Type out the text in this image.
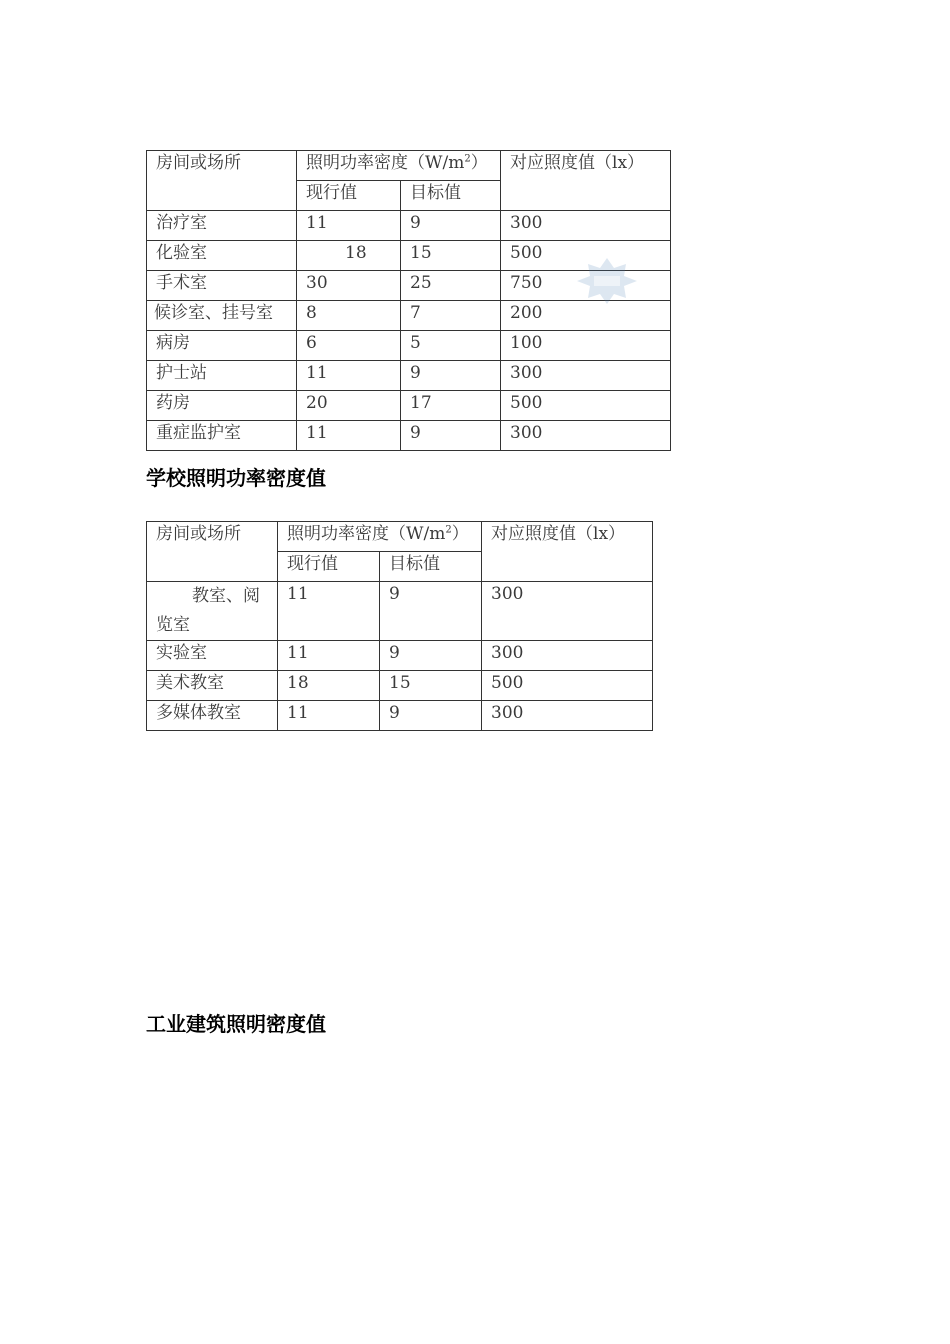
房间或场所	照明功率密度$(W/m^2)$		对应照度值（lx）
	现行值	目标值	
治疗室	11	9	300
化验室	18	15	500
手术室	30	25	750
候诊室、挂号室	8	7	200
病房	6	5	100
护士站	11	9	300
药房	20	17	500
重症监护室	11	9	300
学校照明功率密度值
房间或场所	照明功率密度$(W/m^2)$		对应照度值（lx）
	现行值	目标值	
教室、阅
览室	11	9	300
实验室	11	9	300
美术教室	18	15	500
多媒体教室	11	9	300
工业建筑照明密度值
